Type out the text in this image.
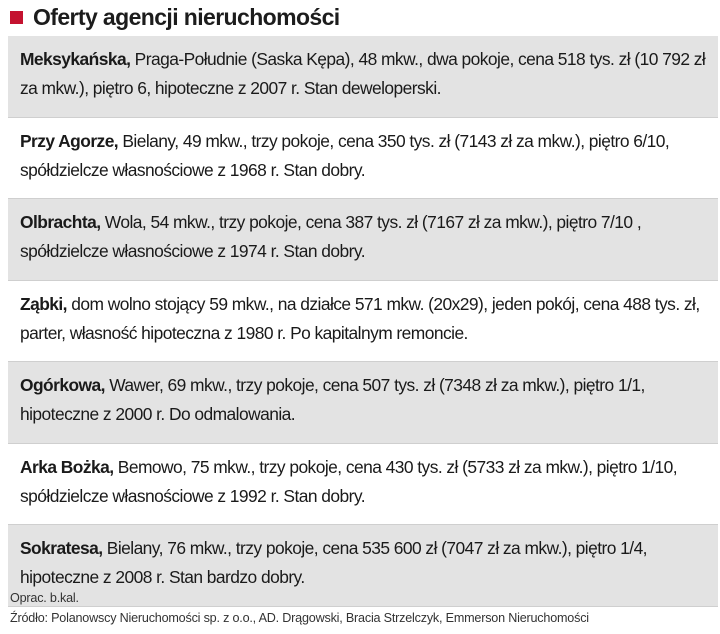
Oferty agencji nieruchomości
Meksykańska, Praga-Południe (Saska Kępa), 48 mkw., dwa pokoje, cena 518 tys. zł (10 792 zł za mkw.), piętro 6, hipoteczne z 2007 r. Stan deweloperski.
Przy Agorze, Bielany, 49 mkw., trzy pokoje, cena 350 tys. zł (7143 zł za mkw.), piętro 6/10, spółdzielcze własnościowe z 1968 r. Stan dobry.
Olbrachta, Wola, 54 mkw., trzy pokoje, cena 387 tys. zł (7167 zł za mkw.), piętro 7/10 , spółdzielcze własnościowe z 1974 r. Stan dobry.
Ząbki, dom wolno stojący 59 mkw., na działce 571 mkw. (20x29), jeden pokój, cena 488 tys. zł, parter, własność hipoteczna z 1980 r. Po kapitalnym remoncie.
Ogórkowa, Wawer, 69 mkw., trzy pokoje, cena 507 tys. zł (7348 zł za mkw.), piętro 1/1, hipoteczne z 2000 r. Do odmalowania.
Arka Bożka, Bemowo, 75 mkw., trzy pokoje, cena 430 tys. zł (5733 zł za mkw.), piętro 1/10, spółdzielcze własnościowe z 1992 r. Stan dobry.
Sokratesa, Bielany, 76 mkw., trzy pokoje, cena 535 600 zł (7047 zł za mkw.), piętro 1/4, hipoteczne z 2008 r. Stan bardzo dobry.
Oprac. b.kal.
Źródło: Polanowscy Nieruchomości sp. z o.o., AD. Drągowski, Bracia Strzelczyk, Emmerson Nieruchomości
